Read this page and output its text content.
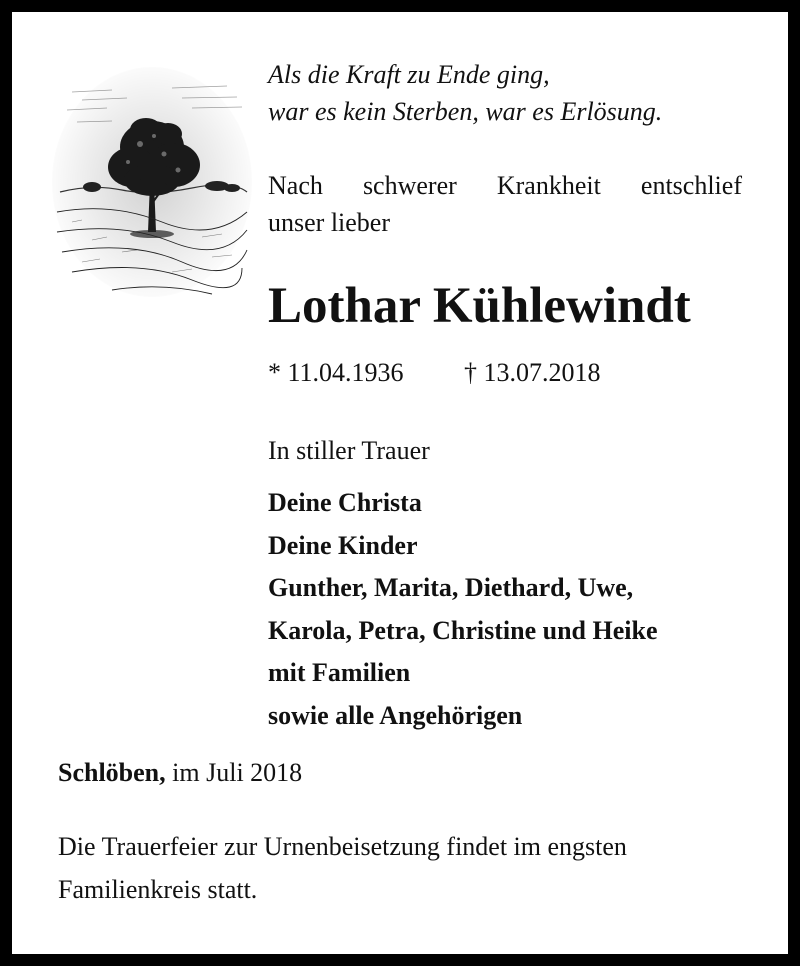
Als die Kraft zu Ende ging,
war es kein Sterben, war es Erlösung.
Nach schwerer Krankheit entschlief
unser lieber
Lothar Kühlewindt
* 11.04.1936 † 13.07.2018
In stiller Trauer
Deine Christa
Deine Kinder
Gunther, Marita, Diethard, Uwe,
Karola, Petra, Christine und Heike
mit Familien
sowie alle Angehörigen
Schlöben, im Juli 2018
Die Trauerfeier zur Urnenbeisetzung findet im engsten
Familienkreis statt.
